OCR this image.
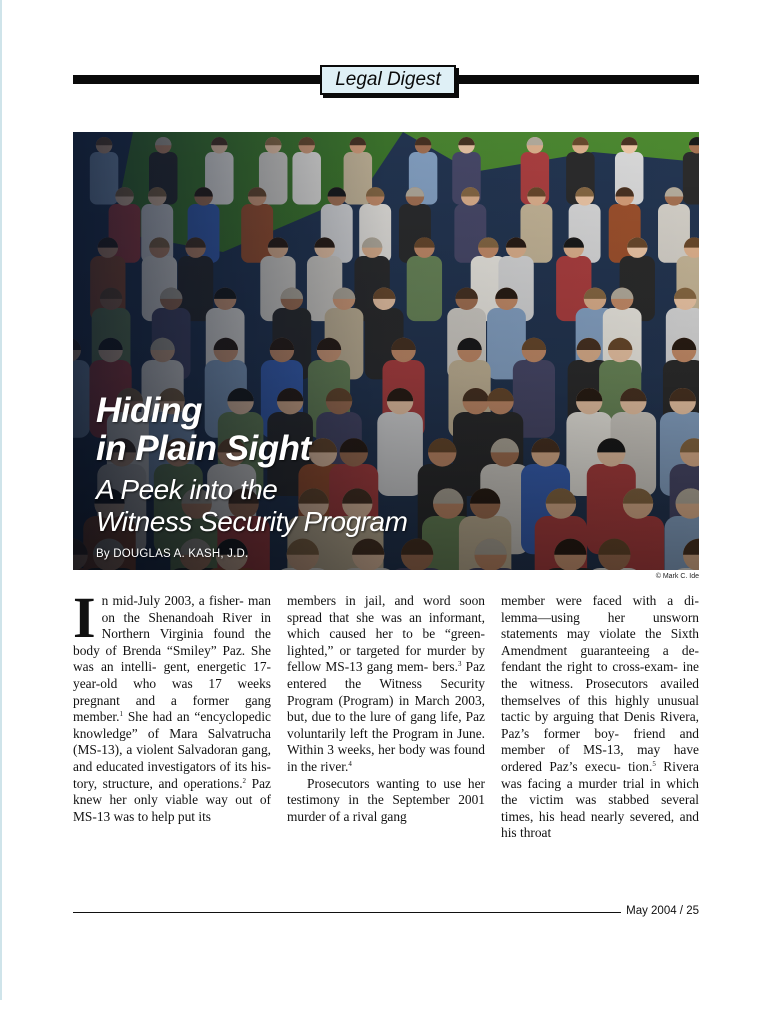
Legal Digest
Hiding
in Plain Sight
A Peek into the
Witness Security Program
By DOUGLAS A. KASH, J.D.
© Mark C. Ide

In mid-July 2003, a fisher- man on the Shenandoah River in Northern Virginia found the body of Brenda “Smiley” Paz. She was an intelli- gent, energetic 17-year-old who was 17 weeks pregnant and a former gang member.$^1$ She had an “encyclopedic knowledge” of Mara Salvatrucha (MS-13), a violent Salvadoran gang, and educated investigators of its his- tory, structure, and operations.$^2$ Paz knew her only viable way out of MS-13 was to help put its

members in jail, and word soon spread that she was an informant, which caused her to be “green- lighted,” or targeted for murder by fellow MS-13 gang mem- bers.$^3$ Paz entered the Witness Security Program (Program) in March 2003, but, due to the lure of gang life, Paz voluntarily left the Program in June. Within 3 weeks, her body was found in the river.$^4$

Prosecutors wanting to use her testimony in the September 2001 murder of a rival gang

member were faced with a di- lemma—using her unsworn statements may violate the Sixth Amendment guaranteeing a de- fendant the right to cross-exam- ine the witness. Prosecutors availed themselves of this highly unusual tactic by arguing that Denis Rivera, Paz’s former boy- friend and member of MS-13, may have ordered Paz’s execu- tion.$^5$ Rivera was facing a murder trial in which the victim was stabbed several times, his head nearly severed, and his throat

May 2004 / 25
